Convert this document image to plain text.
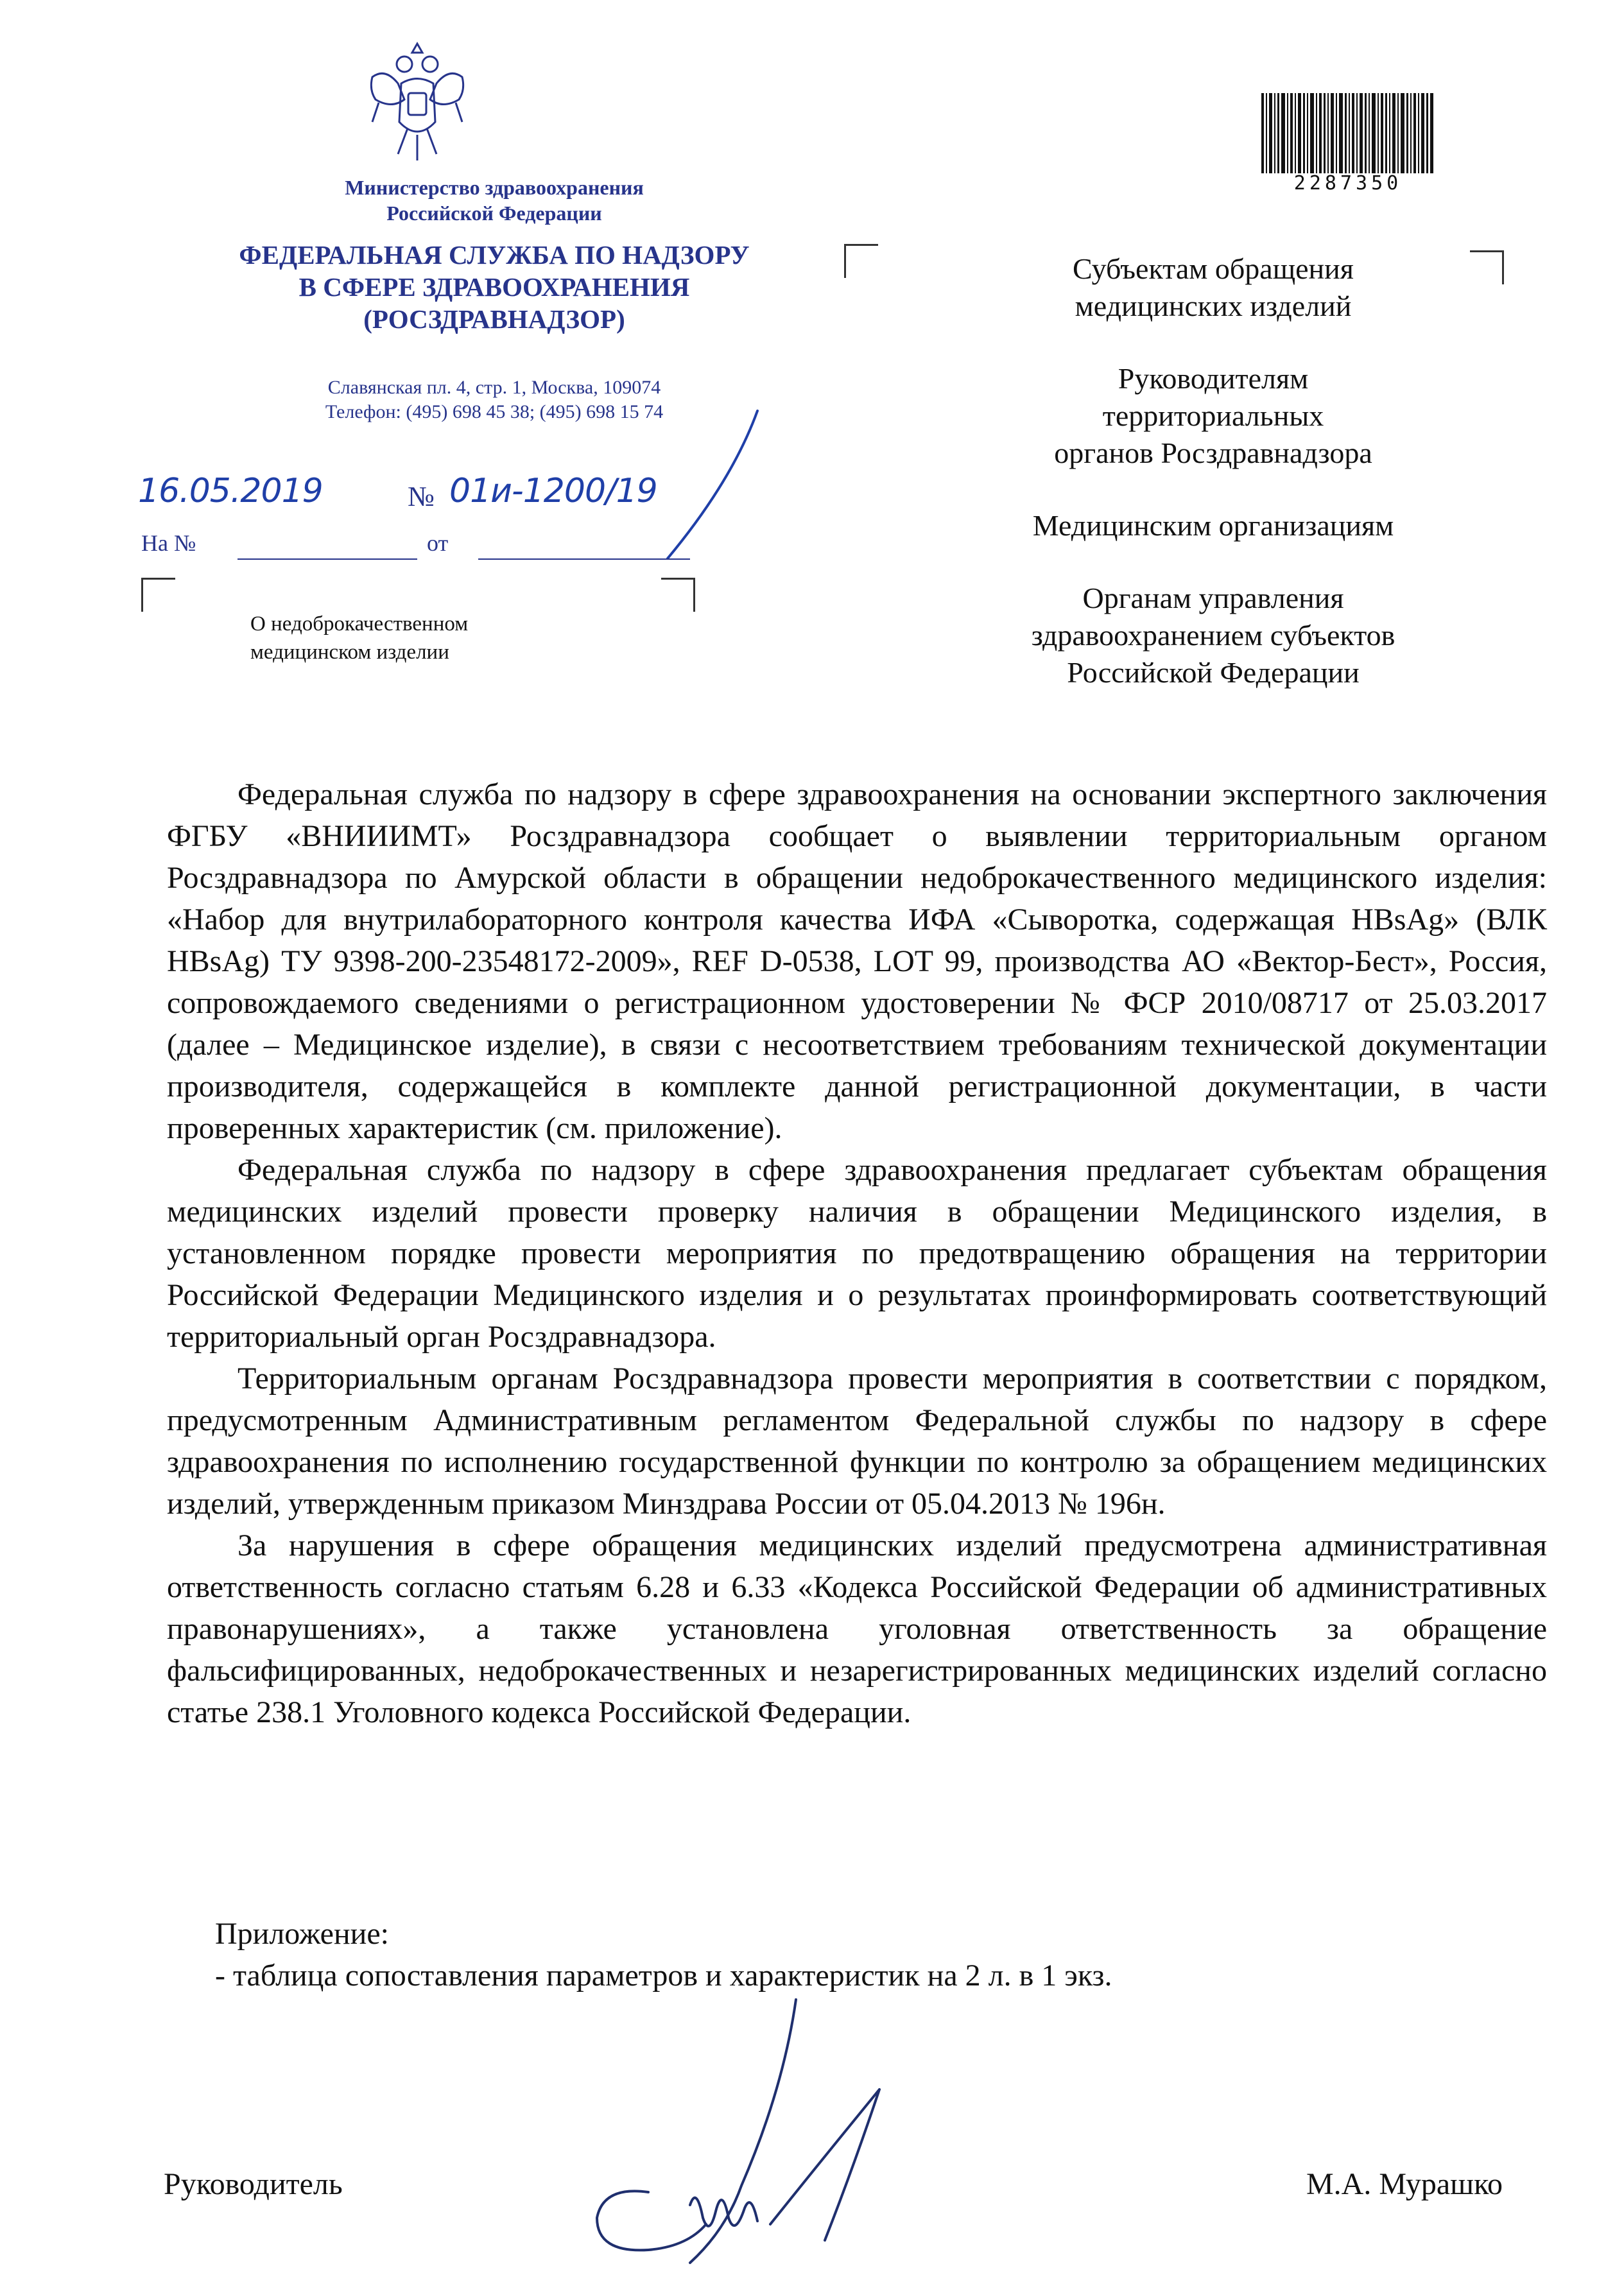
Министерство здравоохранения
Российской Федерации
ФЕДЕРАЛЬНАЯ СЛУЖБА ПО НАДЗОРУ
В СФЕРЕ ЗДРАВООХРАНЕНИЯ
(РОСЗДРАВНАДЗОР)
Славянская пл. 4, стр. 1, Москва, 109074
Телефон: (495) 698 45 38; (495) 698 15 74
16.05.2019	№ 01и-1200/19
На №	от
О недоброкачественном
медицинском изделии
2287350
Субъектам обращения
медицинских изделий
Руководителям
территориальных
органов Росздравнадзора
Медицинским организациям
Органам управления
здравоохранением субъектов
Российской Федерации

Федеральная служба по надзору в сфере здравоохранения на основании экспертного заключения ФГБУ «ВНИИИМТ» Росздравнадзора сообщает о выявлении территориальным органом Росздравнадзора по Амурской области в обращении недоброкачественного медицинского изделия: «Набор для внутрилабораторного контроля качества ИФА «Сыворотка, содержащая HBsAg» (ВЛК HBsAg) ТУ 9398-200-23548172-2009», REF D-0538, LOT 99, производства АО «Вектор-Бест», Россия, сопровождаемого сведениями о регистрационном удостоверении № ФСР 2010/08717 от 25.03.2017 (далее – Медицинское изделие), в связи с несоответствием требованиям технической документации производителя, содержащейся в комплекте данной регистрационной документации, в части проверенных характеристик (см. приложение).

Федеральная служба по надзору в сфере здравоохранения предлагает субъектам обращения медицинских изделий провести проверку наличия в обращении Медицинского изделия, в установленном порядке провести мероприятия по предотвращению обращения на территории Российской Федерации Медицинского изделия и о результатах проинформировать соответствующий территориальный орган Росздравнадзора.

Территориальным органам Росздравнадзора провести мероприятия в соответствии с порядком, предусмотренным Административным регламентом Федеральной службы по надзору в сфере здравоохранения по исполнению государственной функции по контролю за обращением медицинских изделий, утвержденным приказом Минздрава России от 05.04.2013 № 196н.

За нарушения в сфере обращения медицинских изделий предусмотрена административная ответственность согласно статьям 6.28 и 6.33 «Кодекса Российской Федерации об административных правонарушениях», а также установлена уголовная ответственность за обращение фальсифицированных, недоброкачественных и незарегистрированных медицинских изделий согласно статье 238.1 Уголовного кодекса Российской Федерации.

Приложение:
- таблица сопоставления параметров и характеристик на 2 л. в 1 экз.
Руководитель	М.А. Мурашко
